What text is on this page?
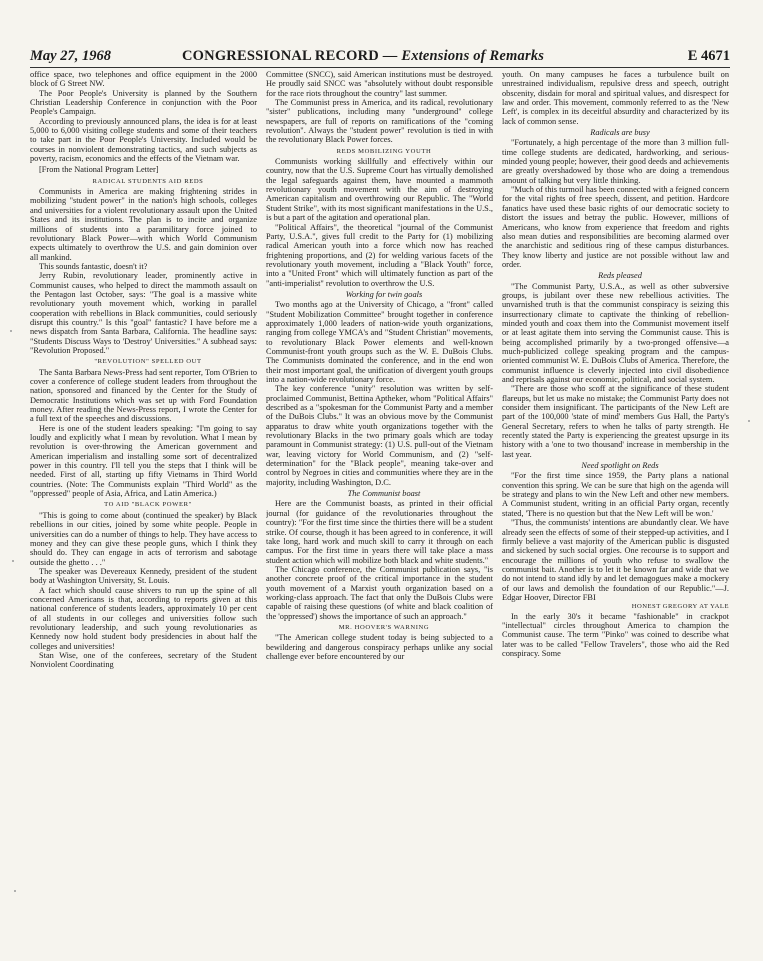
May 27, 1968	CONGRESSIONAL RECORD — Extensions of Remarks	E 4671

office space, two telephones and office equipment in the 2000 block of G Street NW.

The Poor People's University is planned by the Southern Christian Leadership Conference in conjunction with the Poor People's Campaign.

According to previously announced plans, the idea is for at least 5,000 to 6,000 visiting college students and some of their teachers to take part in the Poor People's University. Included would be courses in nonviolent demonstrating tactics, and such subjects as poverty, racism, economics and the effects of the Vietnam war.

[From the National Program Letter]

RADICAL STUDENTS AID REDS

Communists in America are making frightening strides in mobilizing "student power" in the nation's high schools, colleges and universities for a violent revolutionary assault upon the United States and its institutions. The plan is to incite and organize millions of students into a paramilitary force joined to revolutionary Black Power—with which World Communism expects ultimately to overthrow the U.S. and gain dominion over all mankind.

This sounds fantastic, doesn't it?

Jerry Rubin, revolutionary leader, prominently active in Communist causes, who helped to direct the mammoth assault on the Pentagon last October, says: "The goal is a massive white revolutionary youth movement which, working in parallel cooperation with rebellions in Black communities, could seriously disrupt this country." Is this "goal" fantastic? I have before me a news dispatch from Santa Barbara, California. The headline says: "Students Discuss Ways to 'Destroy' Universities." A subhead says: "Revolution Proposed."

"REVOLUTION" SPELLED OUT

The Santa Barbara News-Press had sent reporter, Tom O'Brien to cover a conference of college student leaders from throughout the nation, sponsored and financed by the Center for the Study of Democratic Institutions which was set up with Ford Foundation money. After reading the News-Press report, I wrote the Center for a full text of the speeches and discussions.

Here is one of the student leaders speaking: "I'm going to say loudly and explicitly what I mean by revolution. What I mean by revolution is over-throwing the American government and American imperialism and installing some sort of decentralized power in this country. I'll tell you the steps that I think will be needed. First of all, starting up fifty Vietnams in Third World countries. (Note: The Communists explain "Third World" as the "oppressed" people of Asia, Africa, and Latin America.)

TO AID "BLACK POWER"

"This is going to come about (continued the speaker) by Black rebellions in our cities, joined by some white people. People in universities can do a number of things to help. They have access to money and they can give these people guns, which I think they should do. They can engage in acts of terrorism and sabotage outside the ghetto . . ."

The speaker was Devereaux Kennedy, president of the student body at Washington University, St. Louis.

A fact which should cause shivers to run up the spine of all concerned Americans is that, according to reports given at this national conference of students leaders, approximately 10 per cent of all students in our colleges and universities follow such revolutionary leadership, and such young revolutionaries as Kennedy now hold student body presidencies in about half the colleges and universities!

Stan Wise, one of the conferees, secretary of the Student Nonviolent Coordinating

Committee (SNCC), said American institutions must be destroyed. He proudly said SNCC was "absolutely without doubt responsible for the race riots throughout the country" last summer.

The Communist press in America, and its radical, revolutionary "sister" publications, including many "underground" college newspapers, are full of reports on ramifications of the "coming revolution". Always the "student power" revolution is tied in with the revolutionary Black Power forces.

REDS MOBILIZING YOUTH

Communists working skillfully and effectively within our country, now that the U.S. Supreme Court has virtually demolished the legal safeguards against them, have mounted a mammoth revolutionary youth movement with the aim of destroying American capitalism and overthrowing our Republic. The "World Student Strike", with its most significant manifestations in the U.S., is but a part of the agitation and operational plan.

"Political Affairs", the theoretical "journal of the Communist Party, U.S.A.", gives full credit to the Party for (1) mobilizing radical American youth into a force which now has reached frightening proportions, and (2) for welding various facets of the revolutionary youth movement, including a "Black Youth" force, into a "United Front" which will ultimately function as part of the "anti-imperialist" revolution to overthrow the U.S.

Working for twin goals

Two months ago at the University of Chicago, a "front" called "Student Mobilization Committee" brought together in conference approximately 1,000 leaders of nation-wide youth organizations, ranging from college YMCA's and "Student Christian" movements, to revolutionary Black Power elements and well-known Communist-front youth groups such as the W. E. DuBois Clubs. The Communists dominated the conference, and in the end won their most important goal, the unification of divergent youth groups into a nation-wide revolutionary force.

The key conference "unity" resolution was written by self-proclaimed Communist, Bettina Aptheker, whom "Political Affairs" described as a "spokesman for the Communist Party and a member of the DuBois Clubs." It was an obvious move by the Communist apparatus to draw white youth organizations together with the revolutionary Blacks in the two primary goals which are today paramount in Communist strategy: (1) U.S. pull-out of the Vietnam war, leaving victory for World Communism, and (2) "self-determination" for the "Black people", meaning take-over and control by Negroes in cities and communities where they are in the majority, including Washington, D.C.

The Communist boast

Here are the Communist boasts, as printed in their official journal (for guidance of the revolutionaries throughout the country): "For the first time since the thirties there will be a student strike. Of course, though it has been agreed to in conference, it will take long, hard work and much skill to carry it through on each campus. For the first time in years there will take place a mass student action which will mobilize both black and white students."

The Chicago conference, the Communist publication says, "is another concrete proof of the critical importance in the student youth movement of a Marxist youth organization based on a working-class approach. The fact that only the DuBois Clubs were capable of raising these questions (of white and black coalition of the 'oppressed') shows the importance of such an approach."

MR. HOOVER'S WARNING

"The American college student today is being subjected to a bewildering and dangerous conspiracy perhaps unlike any social challenge ever before encountered by our

youth. On many campuses he faces a turbulence built on unrestrained individualism, repulsive dress and speech, outright obscenity, disdain for moral and spiritual values, and disrespect for law and order. This movement, commonly referred to as the 'New Left', is complex in its deceitful absurdity and characterized by its lack of common sense.

Radicals are busy

"Fortunately, a high percentage of the more than 3 million full-time college students are dedicated, hardworking, and serious-minded young people; however, their good deeds and achievements are greatly overshadowed by those who are doing a tremendous amount of talking but very little thinking.

"Much of this turmoil has been connected with a feigned concern for the vital rights of free speech, dissent, and petition. Hardcore fanatics have used these basic rights of our democratic society to distort the issues and betray the public. However, millions of Americans, who know from experience that freedom and rights also mean duties and responsibilities are becoming alarmed over the anarchistic and seditious ring of these campus disturbances. They know liberty and justice are not possible without law and order.

Reds pleased

"The Communist Party, U.S.A., as well as other subversive groups, is jubilant over these new rebellious activities. The unvarnished truth is that the communist conspiracy is seizing this insurrectionary climate to captivate the thinking of rebellion-minded youth and coax them into the Communist movement itself or at least agitate them into serving the Communist cause. This is being accomplished primarily by a two-pronged offensive—a much-publicized college speaking program and the campus-oriented communist W. E. DuBois Clubs of America. Therefore, the communist influence is cleverly injected into civil disobedience and reprisals against our economic, political, and social system.

"There are those who scoff at the significance of these student flareups, but let us make no mistake; the Communist Party does not consider them insignificant. The participants of the New Left are part of the 100,000 'state of mind' members Gus Hall, the Party's General Secretary, refers to when he talks of party strength. He recently stated the Party is experiencing the greatest upsurge in its history with a 'one to two thousand' increase in membership in the last year.

Need spotlight on Reds

"For the first time since 1959, the Party plans a national convention this spring. We can be sure that high on the agenda will be strategy and plans to win the New Left and other new members. A Communist student, writing in an official Party organ, recently stated, 'There is no question but that the New Left will be won.'

"Thus, the communists' intentions are abundantly clear. We have already seen the effects of some of their stepped-up activities, and I firmly believe a vast majority of the American public is disgusted and sickened by such social orgies. One recourse is to support and encourage the millions of youth who refuse to swallow the communist bait. Another is to let it be known far and wide that we do not intend to stand idly by and let demagogues make a mockery of our laws and demolish the foundation of our Republic."—J. Edgar Hoover, Director FBI

HONEST GREGORY AT YALE

In the early 30's it became "fashionable" in crackpot "intellectual" circles throughout America to champion the Communist cause. The term "Pinko" was coined to describe what later was to be called "Fellow Travelers", those who aid the Red conspiracy. Some
